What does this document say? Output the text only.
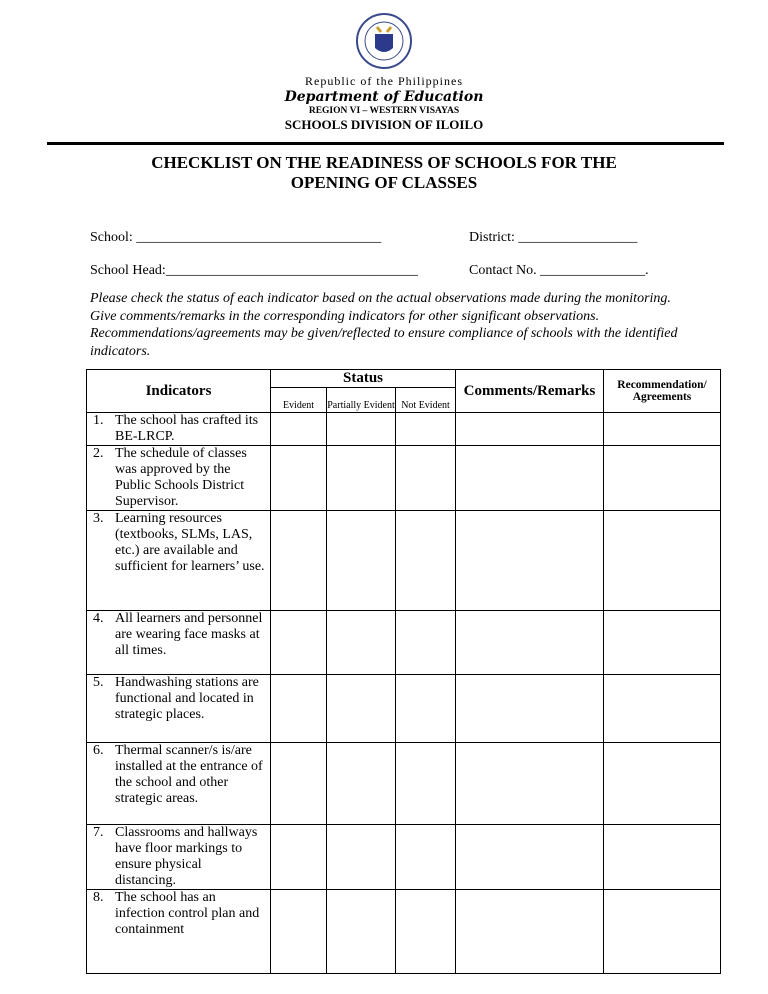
Republic of the Philippines
Department of Education
REGION VI – WESTERN VISAYAS
SCHOOLS DIVISION OF ILOILO
CHECKLIST ON THE READINESS OF SCHOOLS FOR THE
OPENING OF CLASSES
School: ___________________________________	District: _________________
School Head:____________________________________	Contact No. _______________.
Please check the status of each indicator based on the actual observations made during the monitoring. Give comments/remarks in the corresponding indicators for other significant observations. Recommendations/agreements may be given/reflected to ensure compliance of schools with the identified indicators.
Indicators	Status			Comments/Remarks	Recommendation/ Agreements
	Evident	Partially Evident	Not Evident		

1. The school has crafted its BE-LRCP.					

2. The schedule of classes was approved by the Public Schools District Supervisor.					

3. Learning resources (textbooks, SLMs, LAS, etc.) are available and sufficient for learners’ use.					

4. All learners and personnel are wearing face masks at all times.					

5. Handwashing stations are functional and located in strategic places.					

6. Thermal scanner/s is/are installed at the entrance of the school and other strategic areas.					

7. Classrooms and hallways have floor markings to ensure physical distancing.					

8. The school has an infection control plan and containment					
